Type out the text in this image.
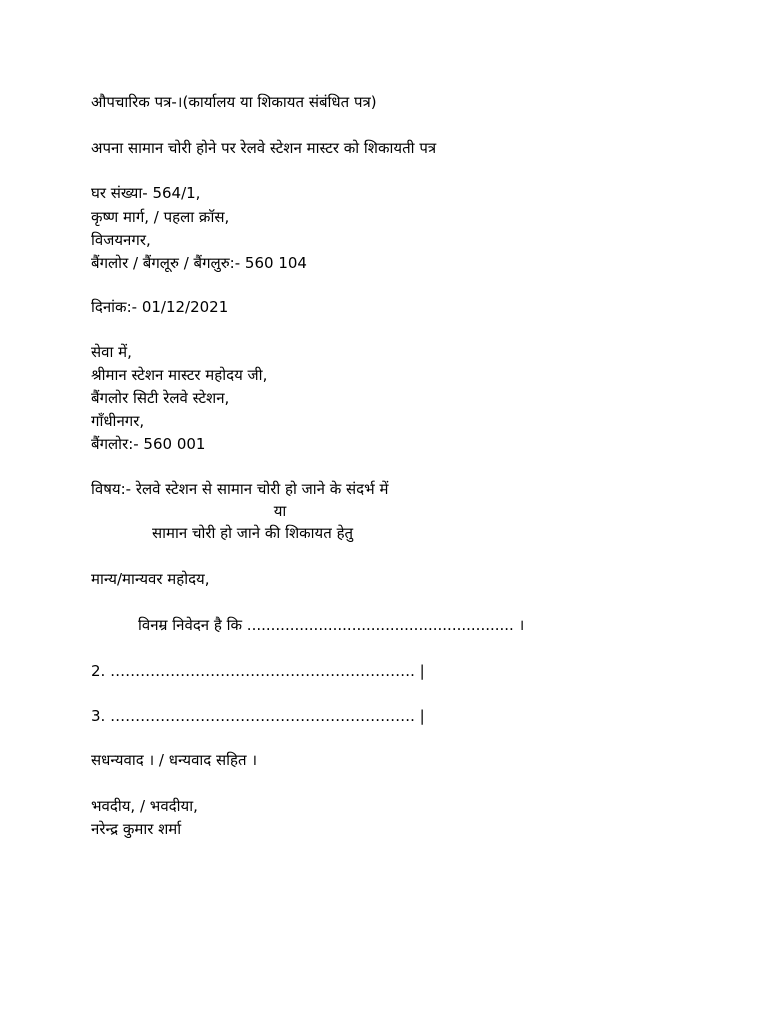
औपचारिक पत्र-।(कार्यालय या शिकायत संबंधित पत्र)
अपना सामान चोरी होने पर रेलवे स्टेशन मास्टर को शिकायती पत्र
घर संख्या- 564/1,
कृष्ण मार्ग, / पहला क्रॉस,
विजयनगर,
बैंगलोर / बैंगलूरु / बैंगलुरु:- 560 104
दिनांक:- 01/12/2021
सेवा में,
श्रीमान स्टेशन मास्टर महोदय जी,
बैंगलोर सिटी रेलवे स्टेशन,
गाँधीनगर,
बैंगलोर:- 560 001
विषय:- रेलवे स्टेशन से सामान चोरी हो जाने के संदर्भ में
या
सामान चोरी हो जाने की शिकायत हेतु
मान्य/मान्यवर महोदय,
विनम्र निवेदन है कि ........................................................ ।
2. ……………………………………………………. |
3. ……………………………………………………. |
सधन्यवाद । / धन्यवाद सहित ।
भवदीय, / भवदीया,
नरेन्द्र कुमार शर्मा
